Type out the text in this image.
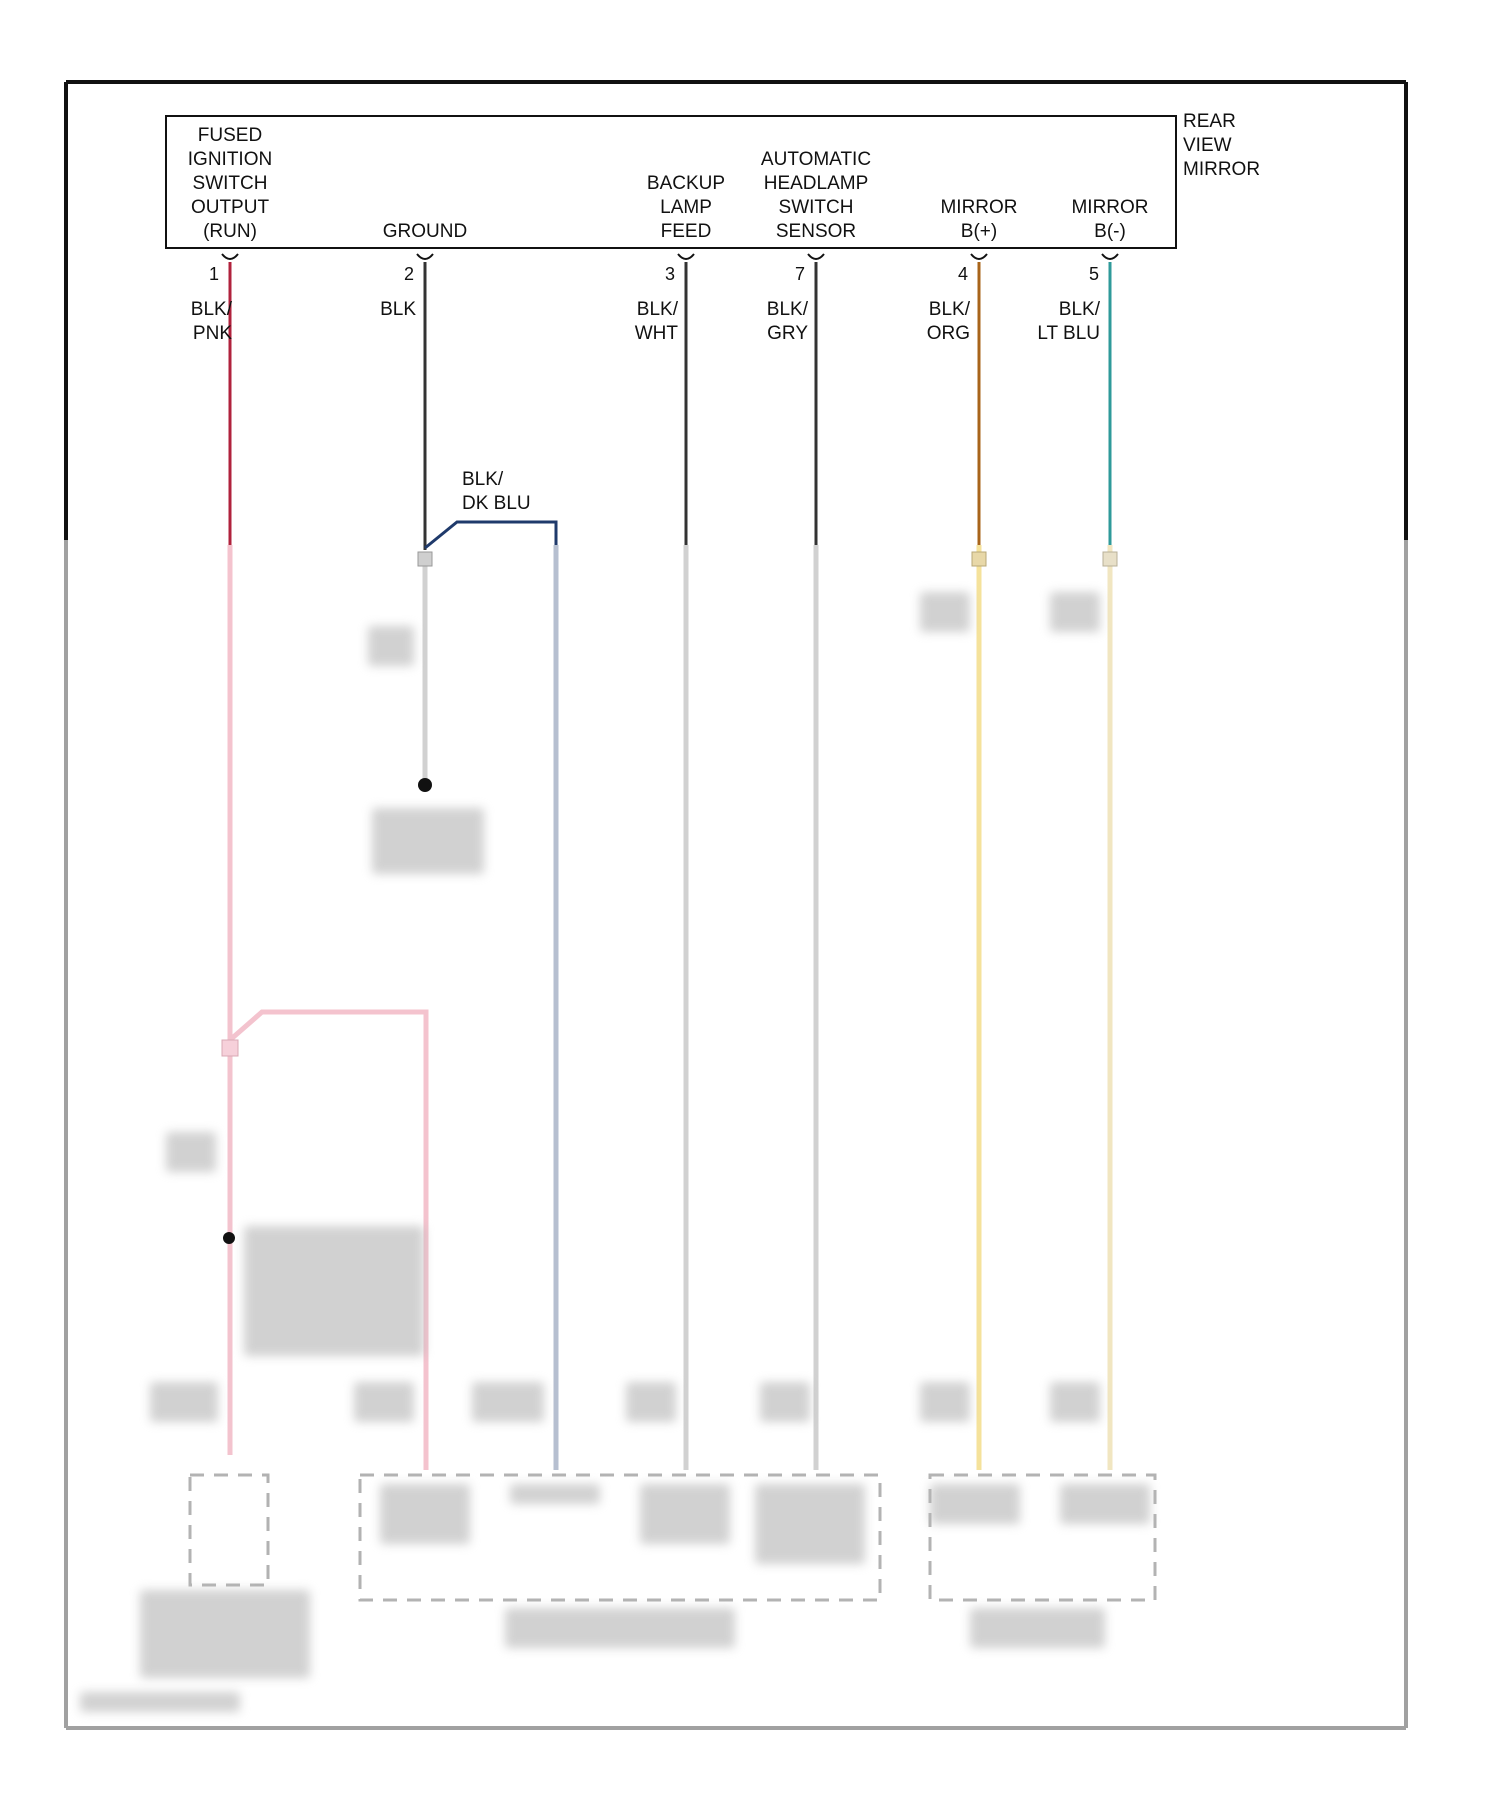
REAR
VIEW
MIRROR
FUSED
IGNITION
SWITCH
OUTPUT
(RUN)	GROUND
BACKUP
LAMP
FEED
AUTOMATIC
HEADLAMP
SWITCH
SENSOR
MIRROR
B(+)
MIRROR
B(-)
1	2	3	7	4	5
BLK/
PNK
BLK	BLK/
WHT
BLK/
GRY
BLK/
ORG
BLK/
LT BLU
BLK/
DK BLU
